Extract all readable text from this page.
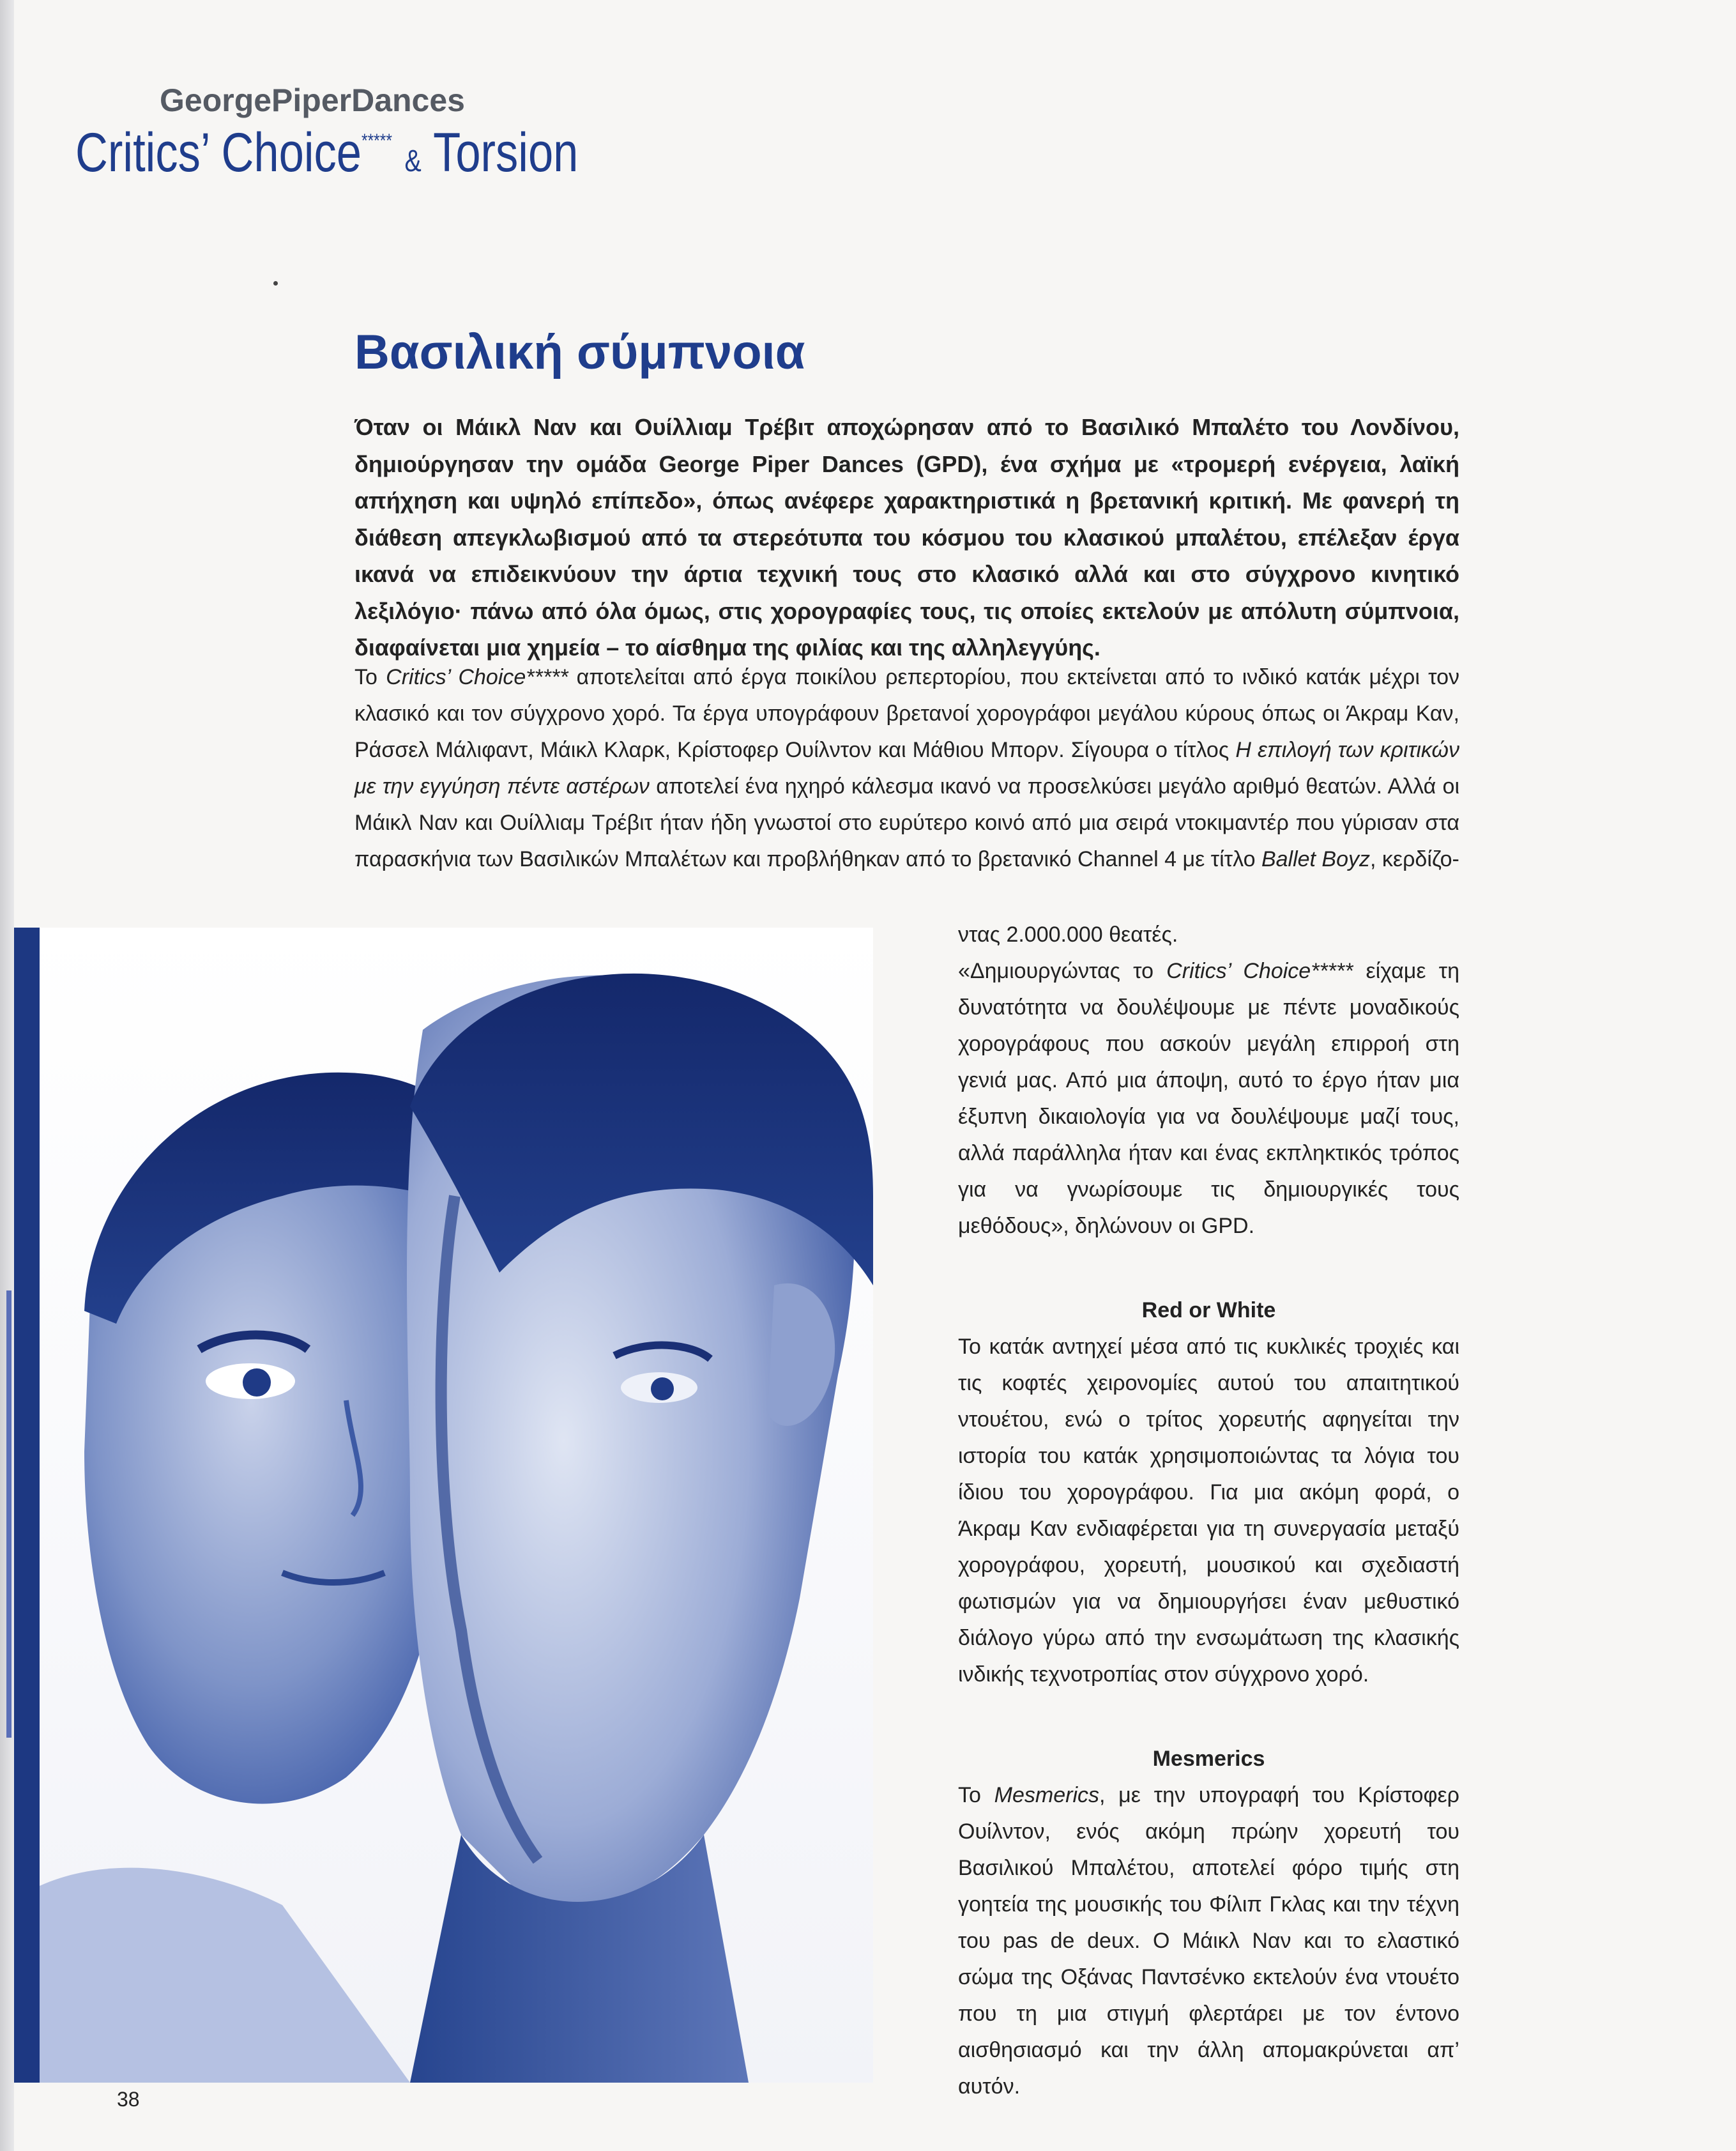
GeorgePiperDances
Critics’ Choice***** & Torsion
Βασιλική σύμπνοια
Όταν οι Μάικλ Ναν και Ουίλλιαμ Τρέβιτ αποχώρησαν από το Βασιλικό Μπαλέτο του Λονδίνου, δημιούργησαν την ομάδα George Piper Dances (GPD), ένα σχήμα με «τρομερή ενέργεια, λαϊκή απήχηση και υψηλό επίπεδο», όπως ανέφερε χαρακτηριστικά η βρετανική κριτική. Με φανερή τη διάθεση απεγκλωβισμού από τα στερεότυπα του κόσμου του κλασικού μπαλέτου, επέλεξαν έργα ικανά να επιδεικνύουν την άρτια τεχνική τους στο κλασικό αλλά και στο σύγχρονο κινητικό λεξιλόγιο· πάνω από όλα όμως, στις χορογραφίες τους, τις οποίες εκτελούν με απόλυτη σύμπνοια, διαφαίνεται μια χημεία – το αίσθημα της φιλίας και της αλληλεγγύης.

Το Critics’ Choice***** αποτελείται από έργα ποικίλου ρεπερτορίου, που εκτείνεται από το ινδικό κατάκ μέχρι τον κλασικό και τον σύγχρονο χορό. Τα έργα υπογράφουν βρετανοί χορογράφοι μεγάλου κύρους όπως οι Άκραμ Καν, Ράσσελ Μάλιφαντ, Μάικλ Κλαρκ, Κρίστοφερ Ουίλντον και Μάθιου Μπορν. Σίγουρα ο τίτλος Η επιλογή των κριτικών με την εγγύηση πέντε αστέρων αποτελεί ένα ηχηρό κάλεσμα ικανό να προσελκύσει μεγάλο αριθμό θεατών. Αλλά οι Μάικλ Ναν και Ουίλλιαμ Τρέβιτ ήταν ήδη γνωστοί στο ευρύτερο κοινό από μια σειρά ντοκιμαντέρ που γύρισαν στα παρασκήνια των Βασιλικών Μπαλέτων και προβλήθηκαν από το βρετανικό Channel 4 με τίτλο Ballet Boyz, κερδίζο-

ντας 2.000.000 θεατές.

«Δημιουργώντας το Critics’ Choice***** είχαμε τη δυνατότητα να δουλέψουμε με πέντε μοναδικούς χορογράφους που ασκούν μεγάλη επιρροή στη γενιά μας. Από μια άποψη, αυτό το έργο ήταν μια έξυπνη δικαιολογία για να δουλέψουμε μαζί τους, αλλά παράλληλα ήταν και ένας εκπληκτικός τρόπος για να γνωρίσουμε τις δημιουργικές τους μεθόδους», δηλώνουν οι GPD.

Red or White

Το κατάκ αντηχεί μέσα από τις κυκλικές τροχιές και τις κοφτές χειρονομίες αυτού του απαιτητικού ντουέτου, ενώ ο τρίτος χορευτής αφηγείται την ιστορία του κατάκ χρησιμοποιώντας τα λόγια του ίδιου του χορογράφου. Για μια ακόμη φορά, ο Άκραμ Καν ενδιαφέρεται για τη συνεργασία μεταξύ χορογράφου, χορευτή, μουσικού και σχεδιαστή φωτισμών για να δημιουργήσει έναν μεθυστικό διάλογο γύρω από την ενσωμάτωση της κλασικής ινδικής τεχνοτροπίας στον σύγχρονο χορό.

Mesmerics

Το Mesmerics, με την υπογραφή του Κρίστοφερ Ουίλντον, ενός ακόμη πρώην χορευτή του Βασιλικού Μπαλέτου, αποτελεί φόρο τιμής στη γοητεία της μουσικής του Φίλιπ Γκλας και την τέχνη του pas de deux. Ο Μάικλ Ναν και το ελαστικό σώμα της Οξάνας Παντσένκο εκτελούν ένα ντουέτο που τη μια στιγμή φλερτάρει με τον έντονο αισθησιασμό και την άλλη απομακρύνεται απ’ αυτόν.

38
